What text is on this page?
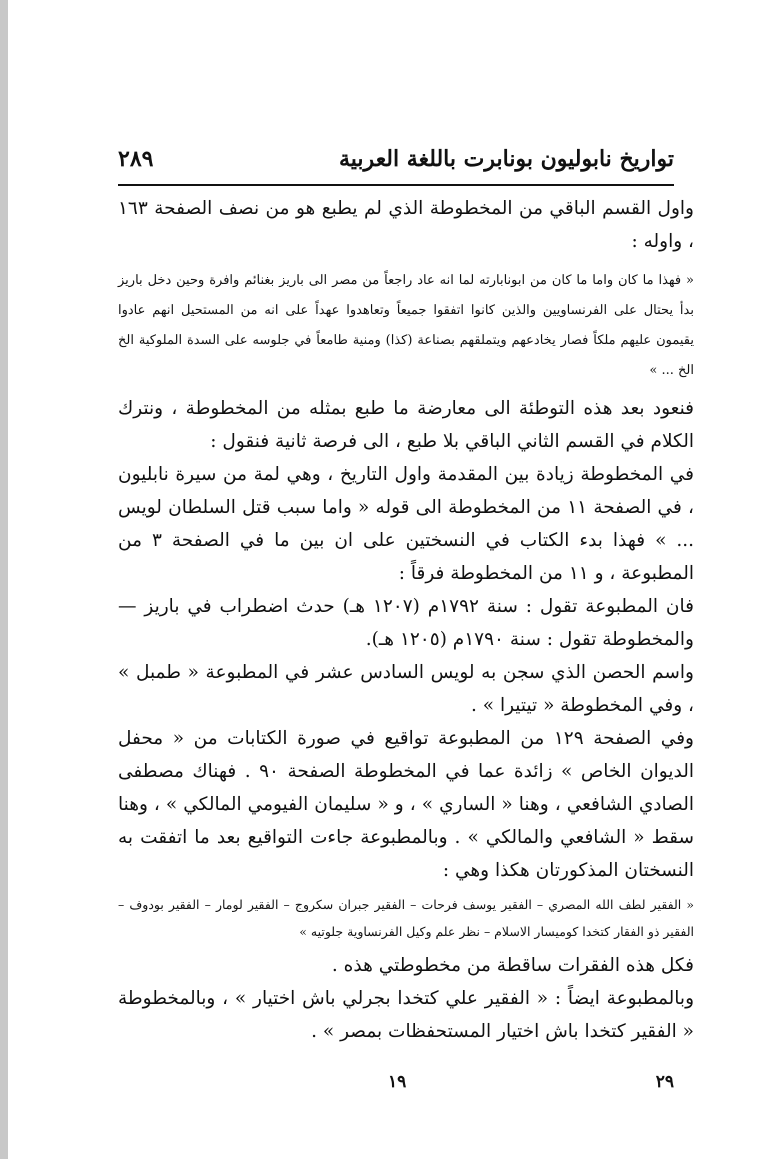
تواريخ نابوليون بونابرت باللغة العربية
٢٨٩

واول القسم الباقي من المخطوطة الذي لم يطبع هو من نصف الصفحة ١٦٣ ، واوله :

« فهذا ما كان واما ما كان من ابونابارته لما انه عاد راجعاً من مصر الى باريز بغنائم وافرة وحين دخل باريز بدأ يحتال على الفرنساويين والذين كانوا اتفقوا جميعاً وتعاهدوا عهداً على انه من المستحيل انهم عادوا يقيمون عليهم ملكاً فصار يخادعهم ويتملقهم بصناعة (كذا) ومنية طامعاً في جلوسه على السدة الملوكية الخ الخ ... »

فنعود بعد هذه التوطئة الى معارضة ما طبع بمثله من المخطوطة ، ونترك الكلام في القسم الثاني الباقي بلا طبع ، الى فرصة ثانية فنقول :

في المخطوطة زيادة بين المقدمة واول التاريخ ، وهي لمة من سيرة نابليون ، في الصفحة ١١ من المخطوطة الى قوله « واما سبب قتل السلطان لويس ... » فهذا بدء الكتاب في النسختين على ان بين ما في الصفحة ٣ من المطبوعة ، و ١١ من المخطوطة فرقاً :

فان المطبوعة تقول : سنة ١٧٩٢م (١٢٠٧ هـ) حدث اضطراب في باريز — والمخطوطة تقول : سنة ١٧٩٠م (١٢٠٥ هـ).

واسم الحصن الذي سجن به لويس السادس عشر في المطبوعة « طمبل » ، وفي المخطوطة « تيتيرا » .

وفي الصفحة ١٢٩ من المطبوعة تواقيع في صورة الكتابات من « محفل الديوان الخاص » زائدة عما في المخطوطة الصفحة ٩٠ . فهناك مصطفى الصادي الشافعي ، وهنا « الساري » ، و « سليمان الفيومي المالكي » ، وهنا سقط « الشافعي والمالكي » . وبالمطبوعة جاءت التواقيع بعد ما اتفقت به النسختان المذكورتان هكذا وهي :

« الفقير لطف الله المصري – الفقير يوسف فرحات – الفقير جبران سكروج – الفقير لومار – الفقير بودوف – الفقير ذو الفقار كتخدا كوميسار الاسلام – نظر علم وكيل الفرنساوية جلوتيه »

فكل هذه الفقرات ساقطة من مخطوطتي هذه .

وبالمطبوعة ايضاً : « الفقير علي كتخدا بجرلي باش اختيار » ، وبالمخطوطة « الفقير كتخدا باش اختيار المستحفظات بمصر » .

٢٩
١٩
